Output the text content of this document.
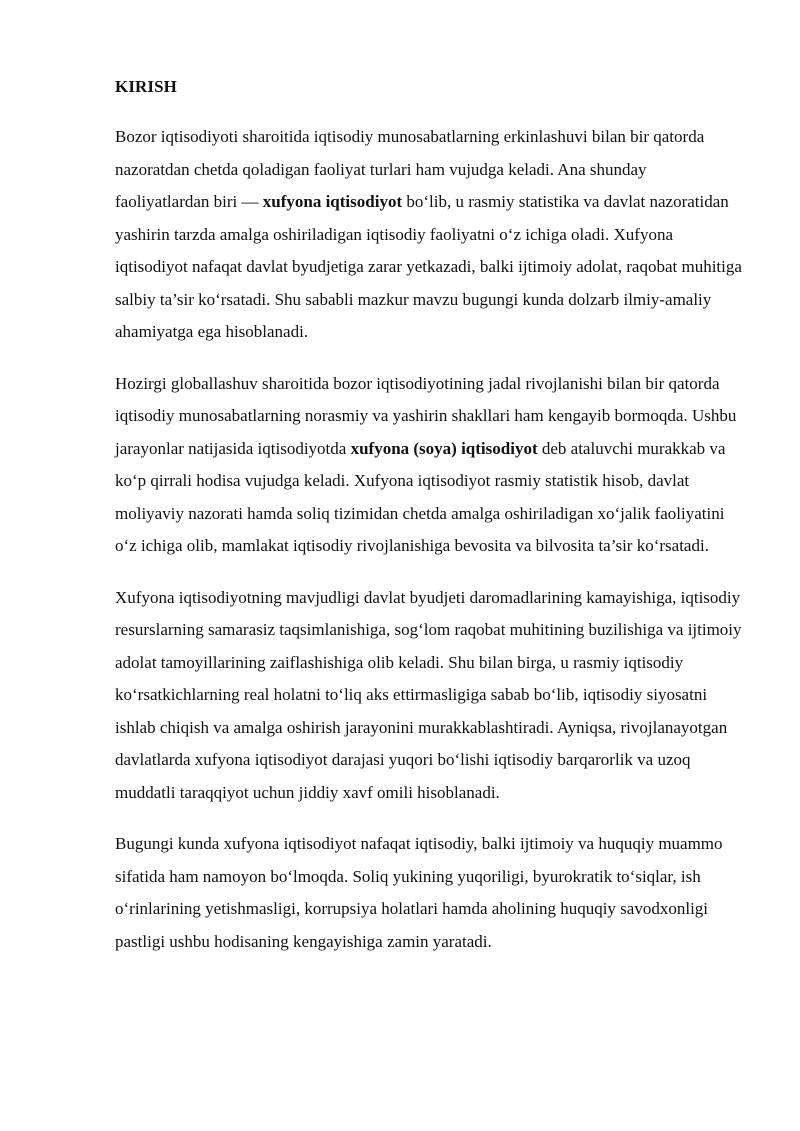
KIRISH

Bozor iqtisodiyoti sharoitida iqtisodiy munosabatlarning erkinlashuvi bilan bir qatorda nazoratdan chetda qoladigan faoliyat turlari ham vujudga keladi. Ana shunday faoliyatlardan biri — xufyona iqtisodiyot bo‘lib, u rasmiy statistika va davlat nazoratidan yashirin tarzda amalga oshiriladigan iqtisodiy faoliyatni o‘z ichiga oladi. Xufyona iqtisodiyot nafaqat davlat byudjetiga zarar yetkazadi, balki ijtimoiy adolat, raqobat muhitiga salbiy ta’sir ko‘rsatadi. Shu sababli mazkur mavzu bugungi kunda dolzarb ilmiy-amaliy ahamiyatga ega hisoblanadi.

Hozirgi globallashuv sharoitida bozor iqtisodiyotining jadal rivojlanishi bilan bir qatorda iqtisodiy munosabatlarning norasmiy va yashirin shakllari ham kengayib bormoqda. Ushbu jarayonlar natijasida iqtisodiyotda xufyona (soya) iqtisodiyot deb ataluvchi murakkab va ko‘p qirrali hodisa vujudga keladi. Xufyona iqtisodiyot rasmiy statistik hisob, davlat moliyaviy nazorati hamda soliq tizimidan chetda amalga oshiriladigan xo‘jalik faoliyatini o‘z ichiga olib, mamlakat iqtisodiy rivojlanishiga bevosita va bilvosita ta’sir ko‘rsatadi.

Xufyona iqtisodiyotning mavjudligi davlat byudjeti daromadlarining kamayishiga, iqtisodiy resurslarning samarasiz taqsimlanishiga, sog‘lom raqobat muhitining buzilishiga va ijtimoiy adolat tamoyillarining zaiflashishiga olib keladi. Shu bilan birga, u rasmiy iqtisodiy ko‘rsatkichlarning real holatni to‘liq aks ettirmasligiga sabab bo‘lib, iqtisodiy siyosatni ishlab chiqish va amalga oshirish jarayonini murakkablashtiradi. Ayniqsa, rivojlanayotgan davlatlarda xufyona iqtisodiyot darajasi yuqori bo‘lishi iqtisodiy barqarorlik va uzoq muddatli taraqqiyot uchun jiddiy xavf omili hisoblanadi.

Bugungi kunda xufyona iqtisodiyot nafaqat iqtisodiy, balki ijtimoiy va huquqiy muammo sifatida ham namoyon bo‘lmoqda. Soliq yukining yuqoriligi, byurokratik to‘siqlar, ish o‘rinlarining yetishmasligi, korrupsiya holatlari hamda aholining huquqiy savodxonligi pastligi ushbu hodisaning kengayishiga zamin yaratadi.
